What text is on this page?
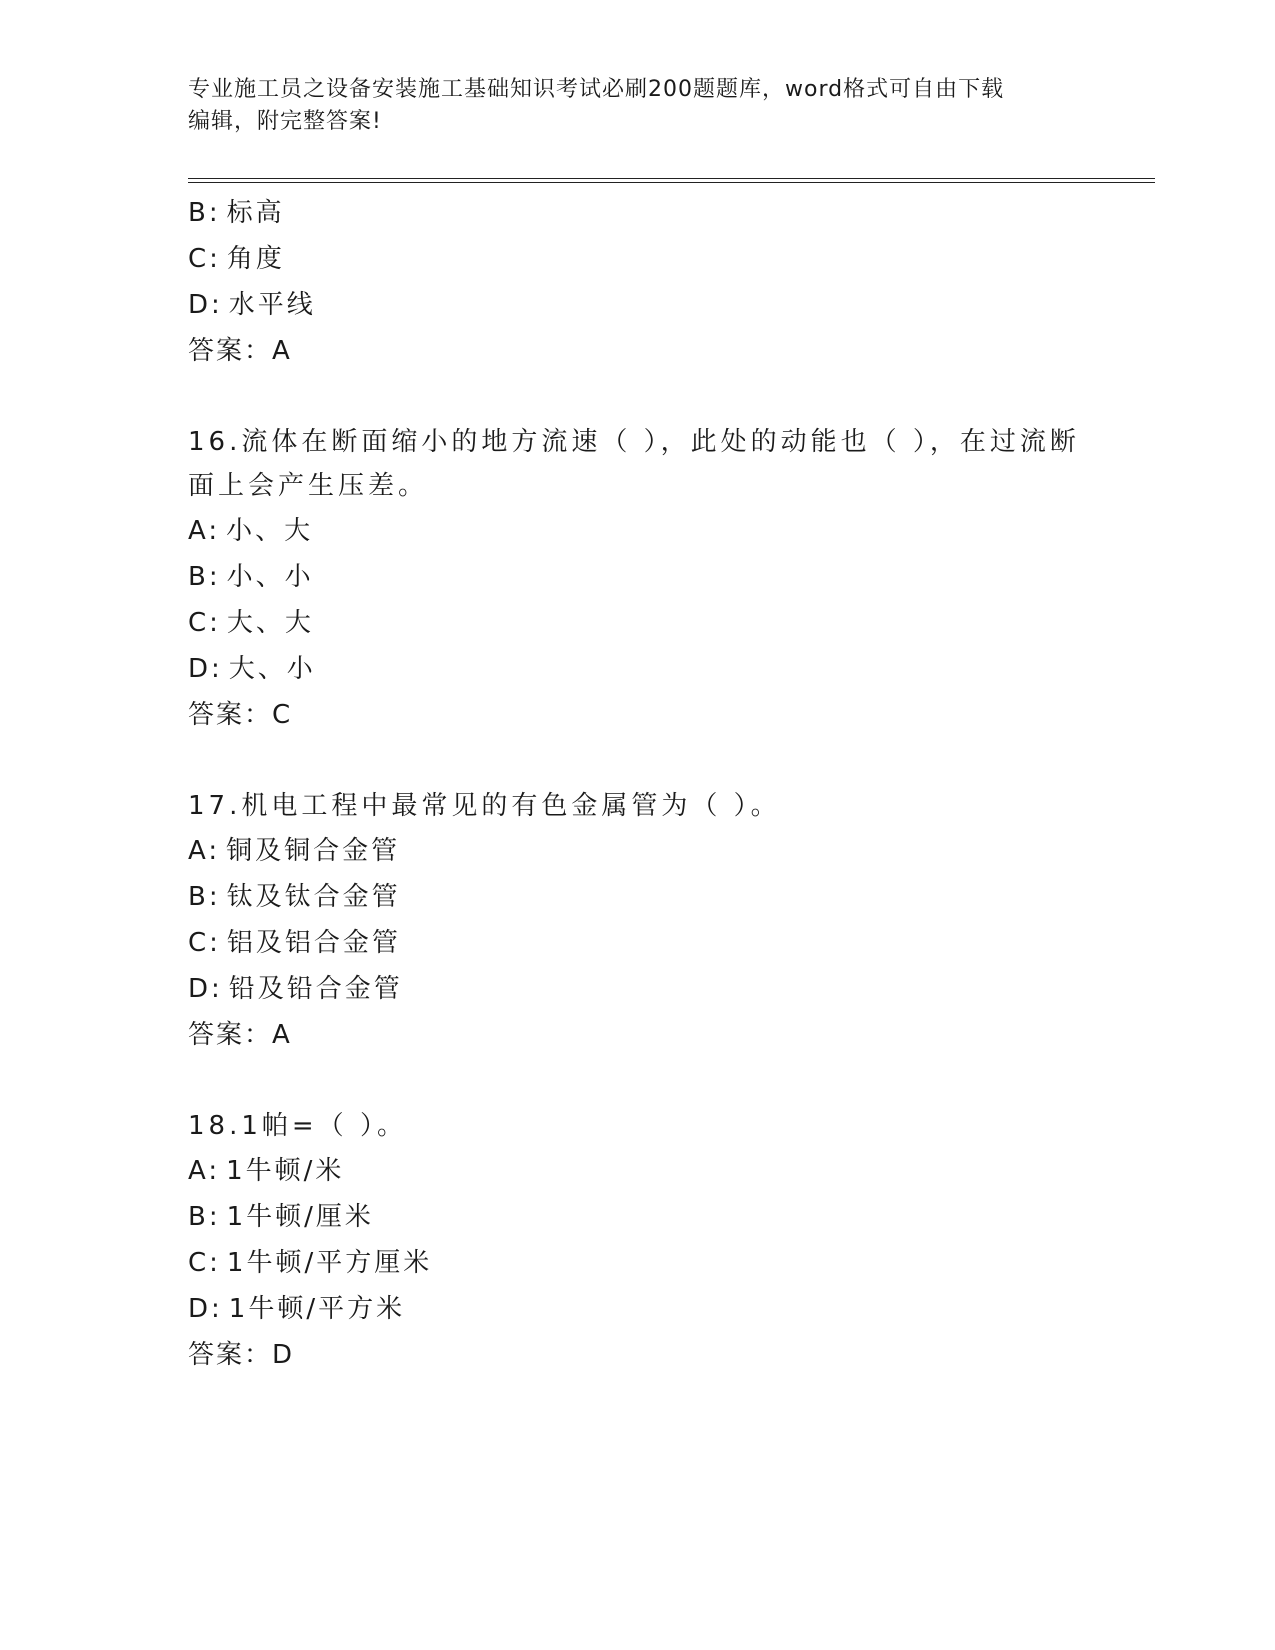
专业施工员之设备安装施工基础知识考试必刷200题题库，word格式可自由下载
编辑，附完整答案!
B: 标高
C: 角度
D: 水平线
答案：A
16.流体在断面缩小的地方流速（ ），此处的动能也（ ），在过流断
面上会产生压差。
A: 小、大
B: 小、小
C: 大、大
D: 大、小
答案：C
17.机电工程中最常见的有色金属管为（ ）。
A: 铜及铜合金管
B: 钛及钛合金管
C: 铝及铝合金管
D: 铅及铅合金管
答案：A
18.1帕=（ ）。
A: 1牛顿/米
B: 1牛顿/厘米
C: 1牛顿/平方厘米
D: 1牛顿/平方米
答案：D
